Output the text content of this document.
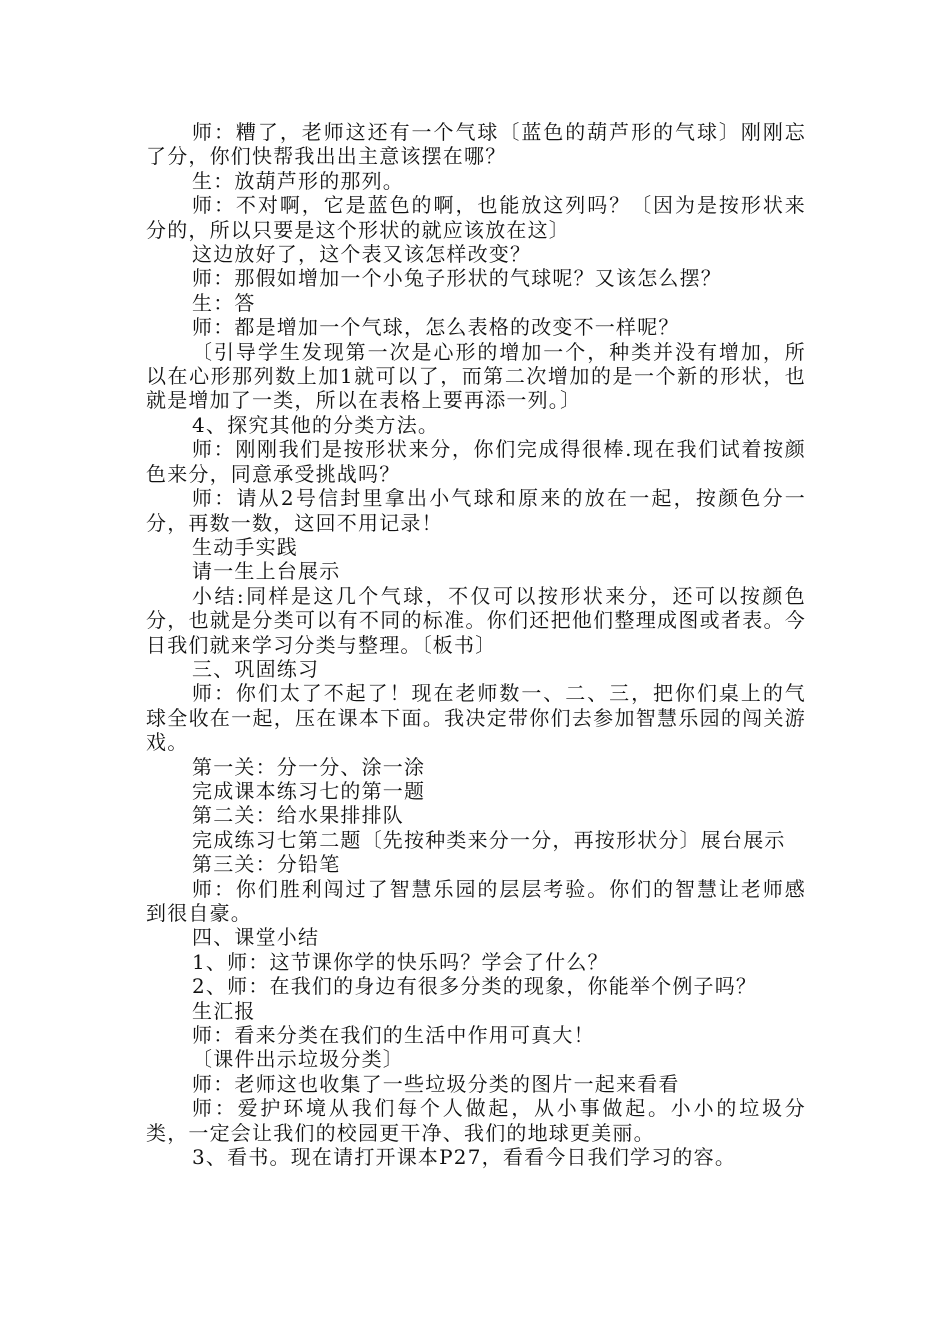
师：糟了，老师这还有一个气球〔蓝色的葫芦形的气球〕刚刚忘了分，你们快帮我出出主意该摆在哪？

生：放葫芦形的那列。

师：不对啊，它是蓝色的啊，也能放这列吗？〔因为是按形状来分的，所以只要是这个形状的就应该放在这〕

这边放好了，这个表又该怎样改变？

师：那假如增加一个小兔子形状的气球呢？又该怎么摆？

生：答

师：都是增加一个气球，怎么表格的改变不一样呢？

〔引导学生发现第一次是心形的增加一个，种类并没有增加，所以在心形那列数上加1就可以了，而第二次增加的是一个新的形状，也就是增加了一类，所以在表格上要再添一列。〕

4、探究其他的分类方法。

师：刚刚我们是按形状来分，你们完成得很棒.现在我们试着按颜色来分，同意承受挑战吗？

师：请从2号信封里拿出小气球和原来的放在一起，按颜色分一分，再数一数，这回不用记录！

生动手实践

请一生上台展示

小结:同样是这几个气球，不仅可以按形状来分，还可以按颜色分，也就是分类可以有不同的标准。你们还把他们整理成图或者表。今日我们就来学习分类与整理。〔板书〕

三、巩固练习

师：你们太了不起了！现在老师数一、二、三，把你们桌上的气球全收在一起，压在课本下面。我决定带你们去参加智慧乐园的闯关游戏。

第一关：分一分、涂一涂

完成课本练习七的第一题

第二关：给水果排排队

完成练习七第二题〔先按种类来分一分，再按形状分〕展台展示

第三关：分铅笔

师：你们胜利闯过了智慧乐园的层层考验。你们的智慧让老师感到很自豪。

四、课堂小结

1、师：这节课你学的快乐吗？学会了什么？

2、师：在我们的身边有很多分类的现象，你能举个例子吗？

生汇报

师：看来分类在我们的生活中作用可真大！

〔课件出示垃圾分类〕

师：老师这也收集了一些垃圾分类的图片一起来看看

师：爱护环境从我们每个人做起，从小事做起。小小的垃圾分类，一定会让我们的校园更干净、我们的地球更美丽。

3、看书。现在请打开课本P27，看看今日我们学习的容。
